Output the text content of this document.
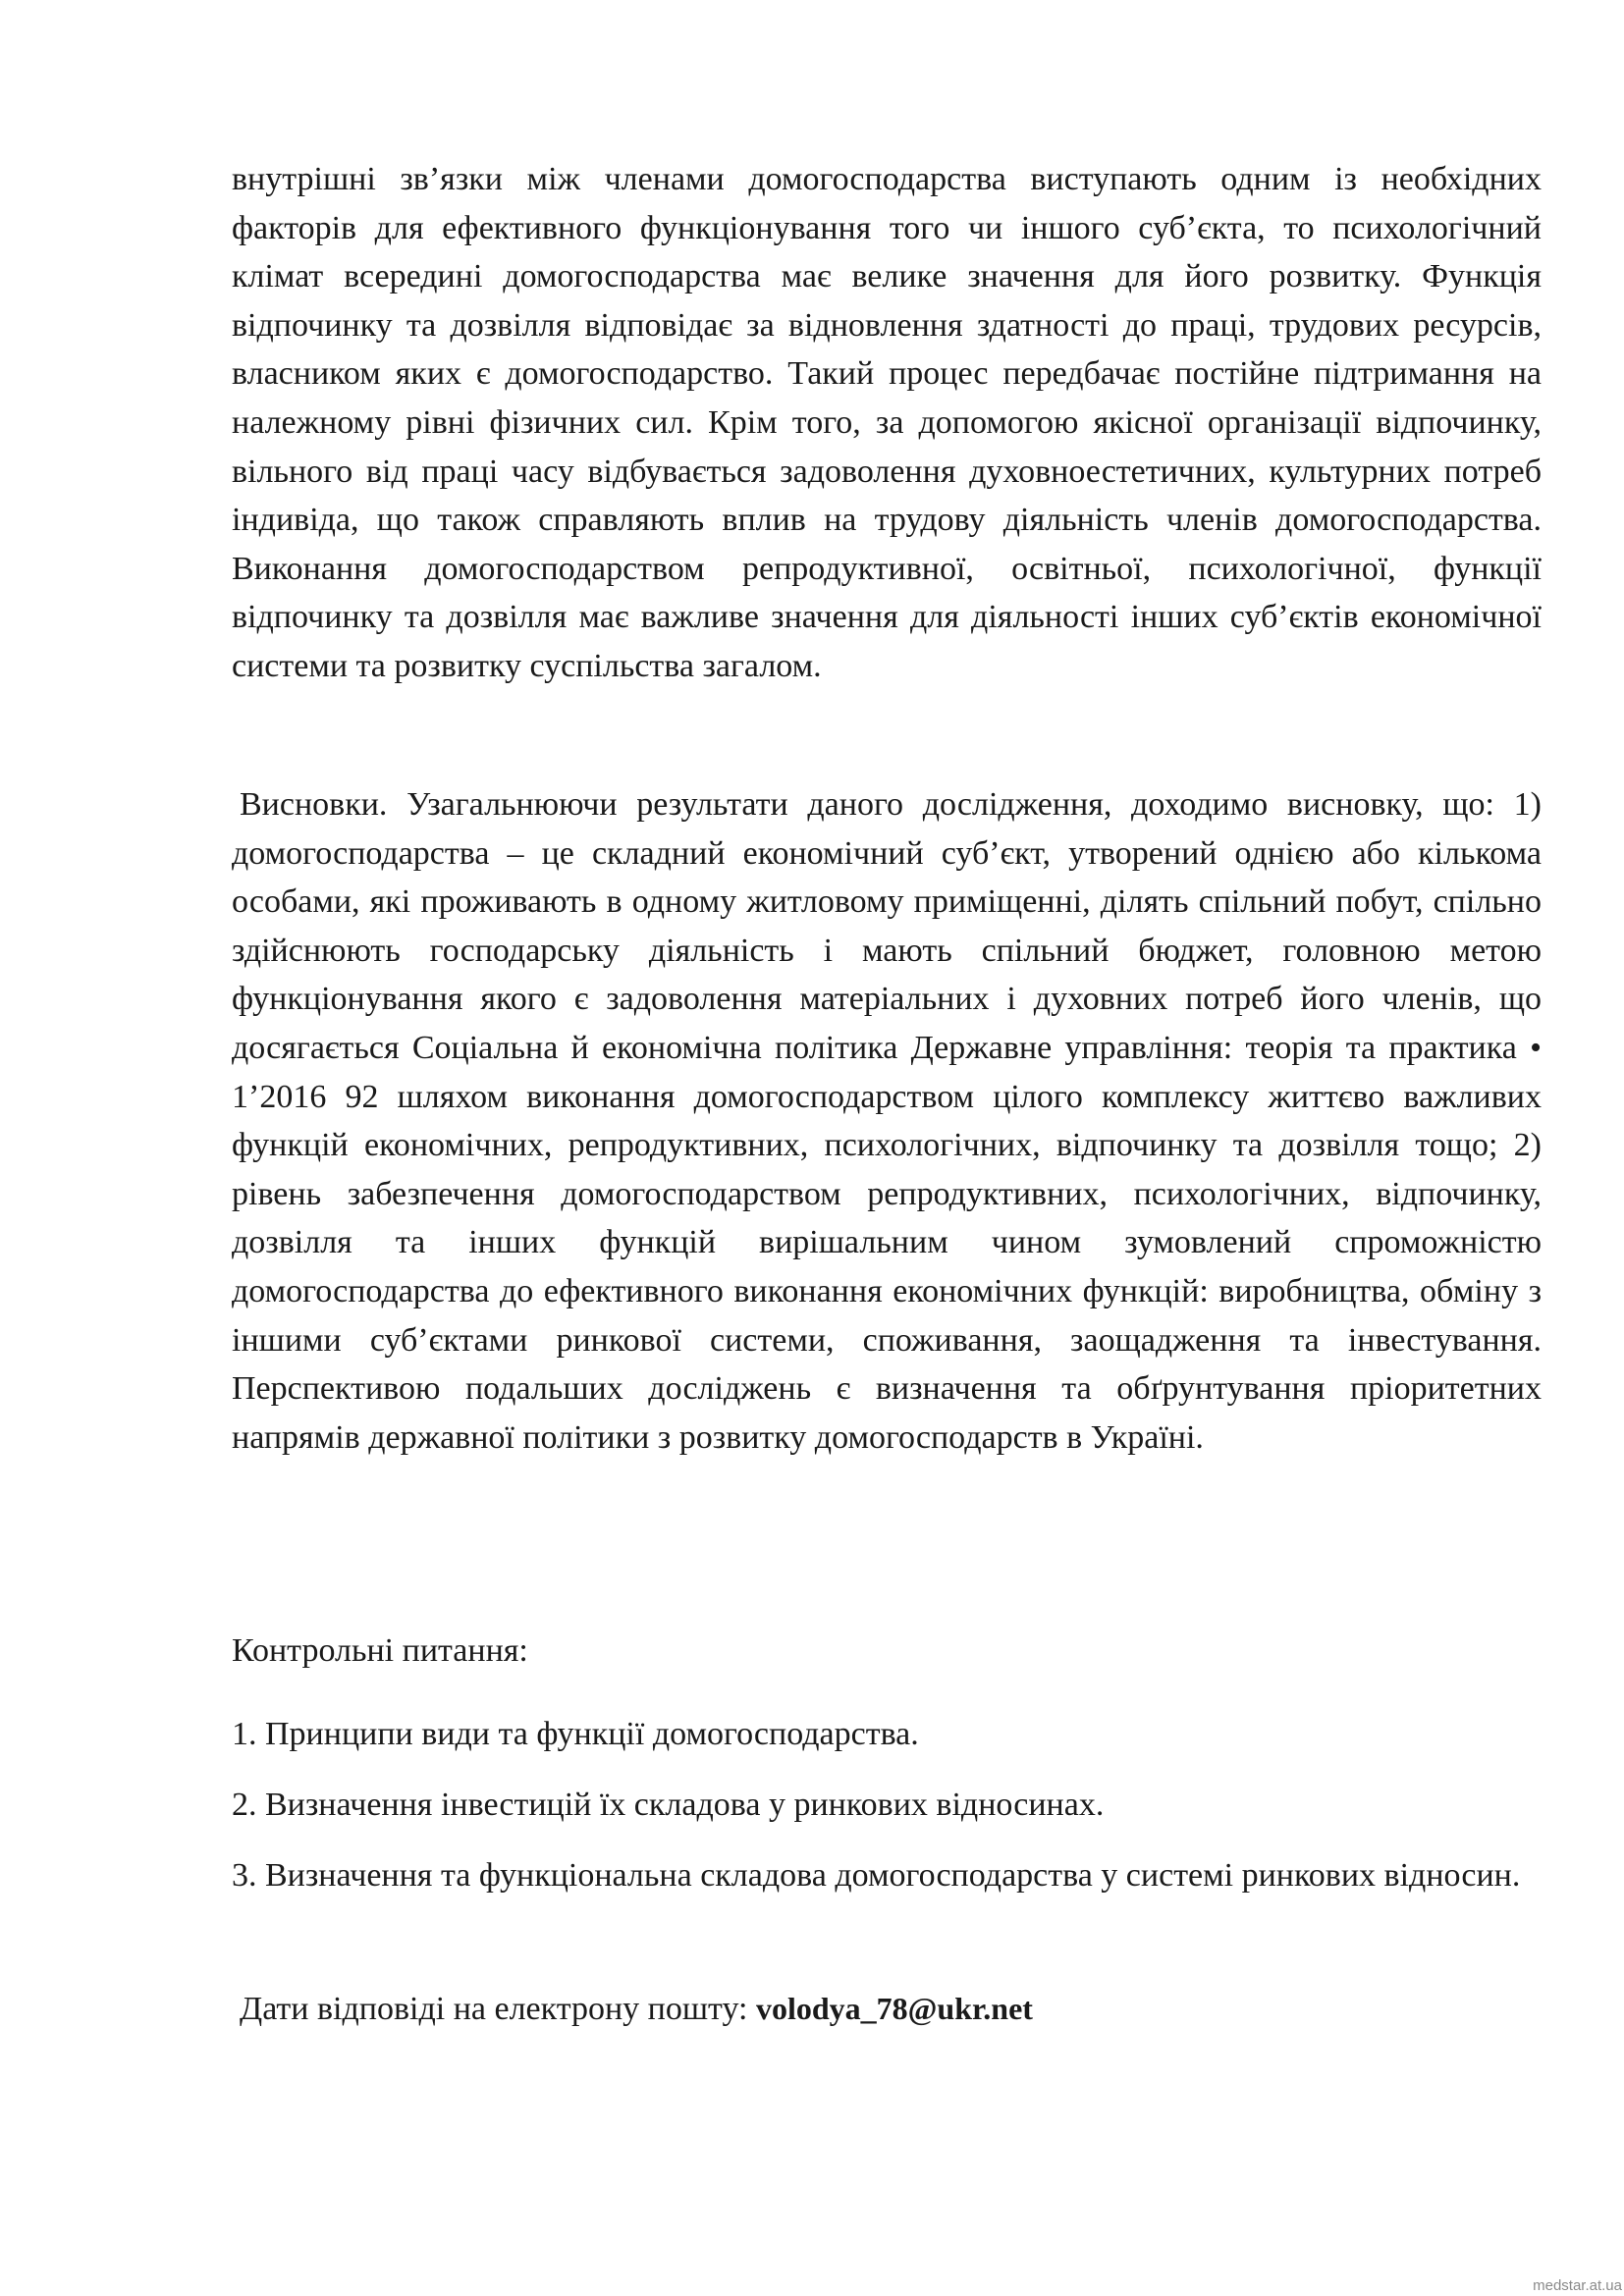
внутрішні зв’язки між членами домогосподарства виступають одним із необхідних факторів для ефективного функціонування того чи іншого суб’єкта, то психологічний клімат всередині домогосподарства має велике значення для його розвитку. Функція відпочинку та дозвілля відповідає за відновлення здатності до праці, трудових ресурсів, власником яких є домогосподарство. Такий процес передбачає постійне підтримання на належному рівні фізичних сил. Крім того, за допомогою якісної організації відпочинку, вільного від праці часу відбувається задоволення духовноестетичних, культурних потреб індивіда, що також справляють вплив на трудову діяльність членів домогосподарства. Виконання домогосподарством репродуктивної, освітньої, психологічної, функції відпочинку та дозвілля має важливе значення для діяльності інших суб’єктів економічної системи та розвитку суспільства загалом.

Висновки. Узагальнюючи результати даного дослідження, доходимо висновку, що: 1) домогосподарства – це складний економічний суб’єкт, утворений однією або кількома особами, які проживають в одному житловому приміщенні, ділять спільний побут, спільно здійснюють господарську діяльність і мають спільний бюджет, головною метою функціонування якого є задоволення матеріальних і духовних потреб його членів, що досягається Соціальна й економічна політика Державне управління: теорія та практика • 1’2016 92 шляхом виконання домогосподарством цілого комплексу життєво важливих функцій економічних, репродуктивних, психологічних, відпочинку та дозвілля тощо; 2) рівень забезпечення домогосподарством репродуктивних, психологічних, відпочинку, дозвілля та інших функцій вирішальним чином зумовлений спроможністю домогосподарства до ефективного виконання економічних функцій: виробництва, обміну з іншими суб’єктами ринкової системи, споживання, заощадження та інвестування. Перспективою подальших досліджень є визначення та обґрунтування пріоритетних напрямів державної політики з розвитку домогосподарств в Україні.

Контрольні питання:

1. Принципи види та функції домогосподарства.
2. Визначення інвестицій їх складова у ринкових відносинах.
3. Визначення та функціональна складова домогосподарства у системі ринкових відносин.

Дати відповіді на електрону пошту: volodya_78@ukr.net

medstar.at.ua
